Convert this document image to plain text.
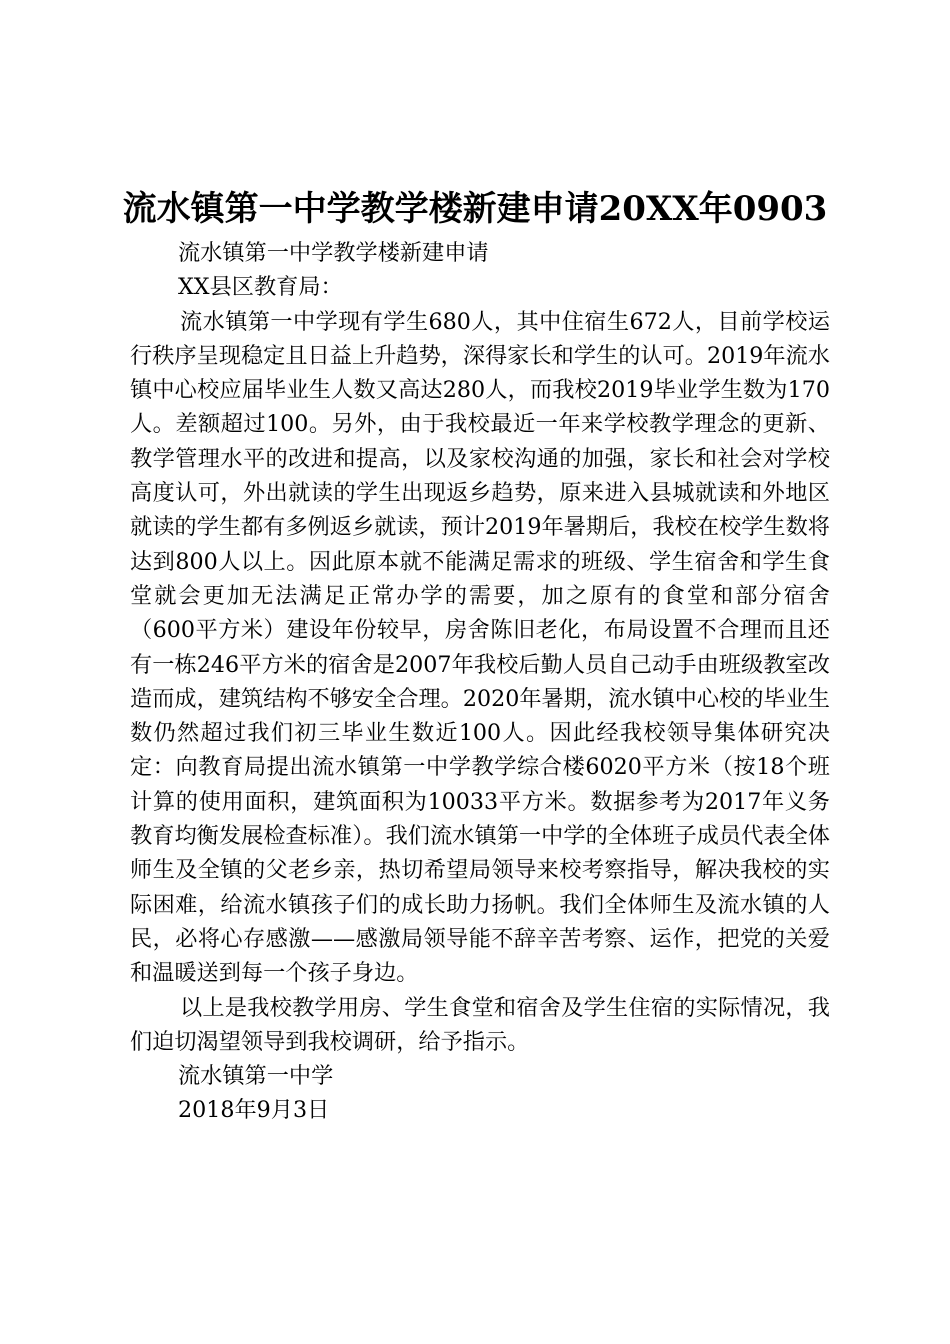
流水镇第一中学教学楼新建申请20XX年0903

流水镇第一中学教学楼新建申请

XX县区教育局：

流水镇第一中学现有学生680人，其中住宿生672人，目前学校运行秩序呈现稳定且日益上升趋势，深得家长和学生的认可。2019年流水镇中心校应届毕业生人数又高达280人，而我校2019毕业学生数为170人。差额超过100。另外，由于我校最近一年来学校教学理念的更新、教学管理水平的改进和提高，以及家校沟通的加强，家长和社会对学校高度认可，外出就读的学生出现返乡趋势，原来进入县城就读和外地区就读的学生都有多例返乡就读，预计2019年暑期后，我校在校学生数将达到800人以上。因此原本就不能满足需求的班级、学生宿舍和学生食堂就会更加无法满足正常办学的需要，加之原有的食堂和部分宿舍（600平方米）建设年份较早，房舍陈旧老化，布局设置不合理而且还有一栋246平方米的宿舍是2007年我校后勤人员自己动手由班级教室改造而成，建筑结构不够安全合理。2020年暑期，流水镇中心校的毕业生数仍然超过我们初三毕业生数近100人。因此经我校领导集体研究决定：向教育局提出流水镇第一中学教学综合楼6020平方米（按18个班计算的使用面积，建筑面积为10033平方米。数据参考为2017年义务教育均衡发展检查标准）。我们流水镇第一中学的全体班子成员代表全体师生及全镇的父老乡亲，热切希望局领导来校考察指导，解决我校的实际困难，给流水镇孩子们的成长助力扬帆。我们全体师生及流水镇的人民，必将心存感激——感激局领导能不辞辛苦考察、运作，把党的关爱和温暖送到每一个孩子身边。

以上是我校教学用房、学生食堂和宿舍及学生住宿的实际情况，我们迫切渴望领导到我校调研，给予指示。

流水镇第一中学

2018年9月3日
